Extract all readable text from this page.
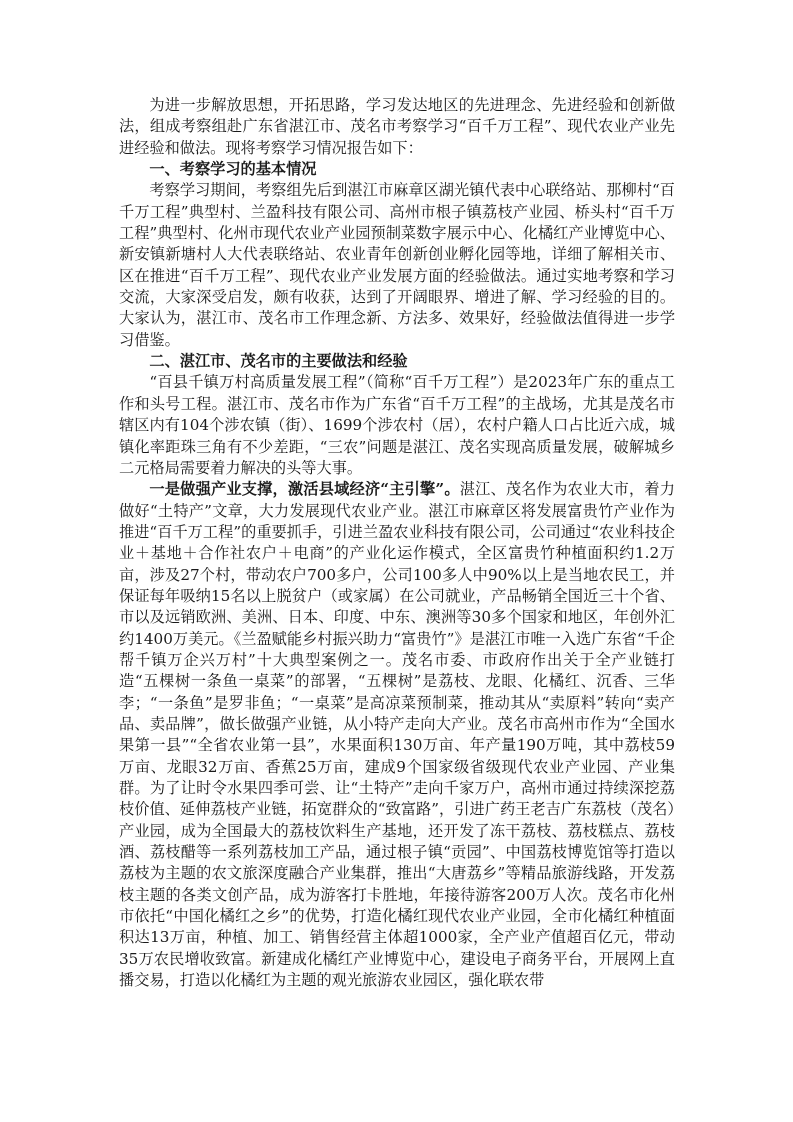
为进一步解放思想，开拓思路，学习发达地区的先进理念、先进经验和创新做法，组成考察组赴广东省湛江市、茂名市考察学习“百千万工程”、现代农业产业先进经验和做法。现将考察学习情况报告如下：

一、考察学习的基本情况

考察学习期间，考察组先后到湛江市麻章区湖光镇代表中心联络站、那柳村“百千万工程”典型村、兰盈科技有限公司、高州市根子镇荔枝产业园、桥头村“百千万工程”典型村、化州市现代农业产业园预制菜数字展示中心、化橘红产业博览中心、新安镇新塘村人大代表联络站、农业青年创新创业孵化园等地，详细了解相关市、区在推进“百千万工程”、现代农业产业发展方面的经验做法。通过实地考察和学习交流，大家深受启发，颇有收获，达到了开阔眼界、增进了解、学习经验的目的。大家认为，湛江市、茂名市工作理念新、方法多、效果好，经验做法值得进一步学习借鉴。

二、湛江市、茂名市的主要做法和经验

“百县千镇万村高质量发展工程”（简称“百千万工程”）是2023年广东的重点工作和头号工程。湛江市、茂名市作为广东省“百千万工程”的主战场，尤其是茂名市辖区内有104个涉农镇（街）、1699个涉农村（居），农村户籍人口占比近六成，城镇化率距珠三角有不少差距，“三农”问题是湛江、茂名实现高质量发展，破解城乡二元格局需要着力解决的头等大事。

一是做强产业支撑，激活县域经济“主引擎”。湛江、茂名作为农业大市，着力做好“土特产”文章，大力发展现代农业产业。湛江市麻章区将发展富贵竹产业作为推进“百千万工程”的重要抓手，引进兰盈农业科技有限公司，公司通过“农业科技企业＋基地＋合作社农户＋电商”的产业化运作模式，全区富贵竹种植面积约1.2万亩，涉及27个村，带动农户700多户，公司100多人中90%以上是当地农民工，并保证每年吸纳15名以上脱贫户（或家属）在公司就业，产品畅销全国近三十个省、市以及远销欧洲、美洲、日本、印度、中东、澳洲等30多个国家和地区，年创外汇约1400万美元。《兰盈赋能乡村振兴助力“富贵竹”》是湛江市唯一入选广东省“千企帮千镇万企兴万村”十大典型案例之一。茂名市委、市政府作出关于全产业链打造“五棵树一条鱼一桌菜”的部署，“五棵树”是荔枝、龙眼、化橘红、沉香、三华李；“一条鱼”是罗非鱼；“一桌菜”是高凉菜预制菜，推动其从“卖原料”转向“卖产品、卖品牌”，做长做强产业链，从小特产走向大产业。茂名市高州市作为“全国水果第一县”“全省农业第一县”，水果面积130万亩、年产量190万吨，其中荔枝59万亩、龙眼32万亩、香蕉25万亩，建成9个国家级省级现代农业产业园、产业集群。为了让时令水果四季可尝、让“土特产”走向千家万户，高州市通过持续深挖荔枝价值、延伸荔枝产业链，拓宽群众的“致富路”，引进广药王老吉广东荔枝（茂名）产业园，成为全国最大的荔枝饮料生产基地，还开发了冻干荔枝、荔枝糕点、荔枝酒、荔枝醋等一系列荔枝加工产品，通过根子镇“贡园”、中国荔枝博览馆等打造以荔枝为主题的农文旅深度融合产业集群，推出“大唐荔乡”等精品旅游线路，开发荔枝主题的各类文创产品，成为游客打卡胜地，年接待游客200万人次。茂名市化州市依托“中国化橘红之乡”的优势，打造化橘红现代农业产业园，全市化橘红种植面积达13万亩，种植、加工、销售经营主体超1000家，全产业产值超百亿元，带动35万农民增收致富。新建成化橘红产业博览中心，建设电子商务平台，开展网上直播交易，打造以化橘红为主题的观光旅游农业园区，强化联农带
